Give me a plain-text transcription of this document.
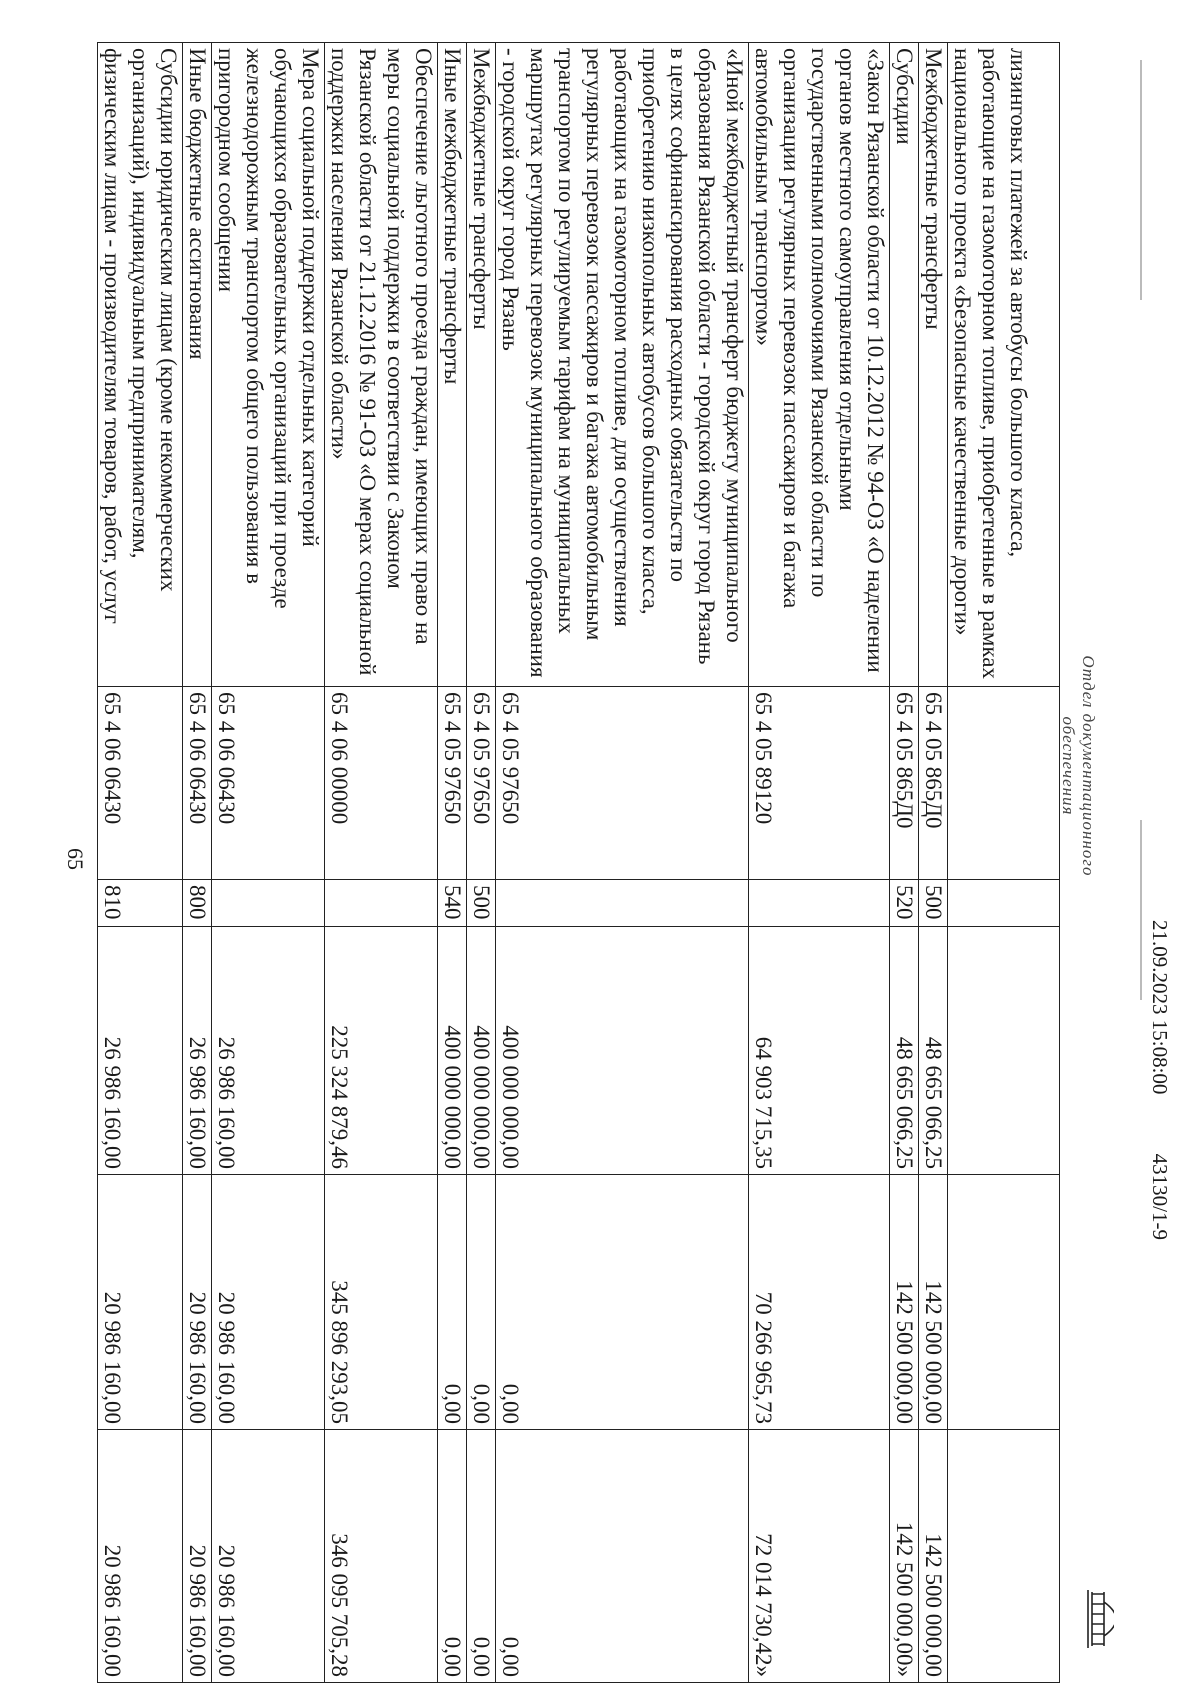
65
лизинговых платежей за автобусы большого класса, работающие на газомоторном топливе, приобретенные в рамках национального проекта «Безопасные качественные дороги»					
Межбюджетные трансферты	65 4 05 865Д0	500	48 665 066,25	142 500 000,00	142 500 000,00
Субсидии	65 4 05 865Д0	520	48 665 066,25	142 500 000,00	142 500 000,00»
«Закон Рязанской области от 10.12.2012 № 94-ОЗ «О наделении органов местного самоуправления отдельными государственными полномочиями Рязанской области по организации регулярных перевозок пассажиров и багажа автомобильным транспортом»	65 4 05 89120		64 903 715,35	70 266 965,73	72 014 730,42»
«Иной межбюджетный трансферт бюджету муниципального образования Рязанской области - городской округ город Рязань в целях софинансирования расходных обязательств по приобретению низкопольных автобусов большого класса, работающих на газомоторном топливе, для осуществления регулярных перевозок пассажиров и багажа автомобильным транспортом по регулируемым тарифам на муниципальных маршрутах регулярных перевозок муниципального образования - городской округ город Рязань	65 4 05 97650		400 000 000,00	0,00	0,00
Межбюджетные трансферты	65 4 05 97650	500	400 000 000,00	0,00	0,00
Иные межбюджетные трансферты	65 4 05 97650	540	400 000 000,00	0,00	0,00
Обеспечение льготного проезда граждан, имеющих право на меры социальной поддержки в соответствии с Законом Рязанской области от 21.12.2016 № 91-ОЗ «О мерах социальной поддержки населения Рязанской области»	65 4 06 00000		225 324 879,46	345 896 293,05	346 095 705,28
Мера социальной поддержки отдельных категорий обучающихся образовательных организаций при проезде железнодорожным транспортом общего пользования в пригородном сообщении	65 4 06 06430		26 986 160,00	20 986 160,00	20 986 160,00
Иные бюджетные ассигнования	65 4 06 06430	800	26 986 160,00	20 986 160,00	20 986 160,00
Субсидии юридическим лицам (кроме некоммерческих организаций), индивидуальным предпринимателям, физическим лицам - производителям товаров, работ, услуг	65 4 06 06430	810	26 986 160,00	20 986 160,00	20 986 160,00
Отдел документационного
обеспечения
21.09.2023 15:08:00 43130/1-9
